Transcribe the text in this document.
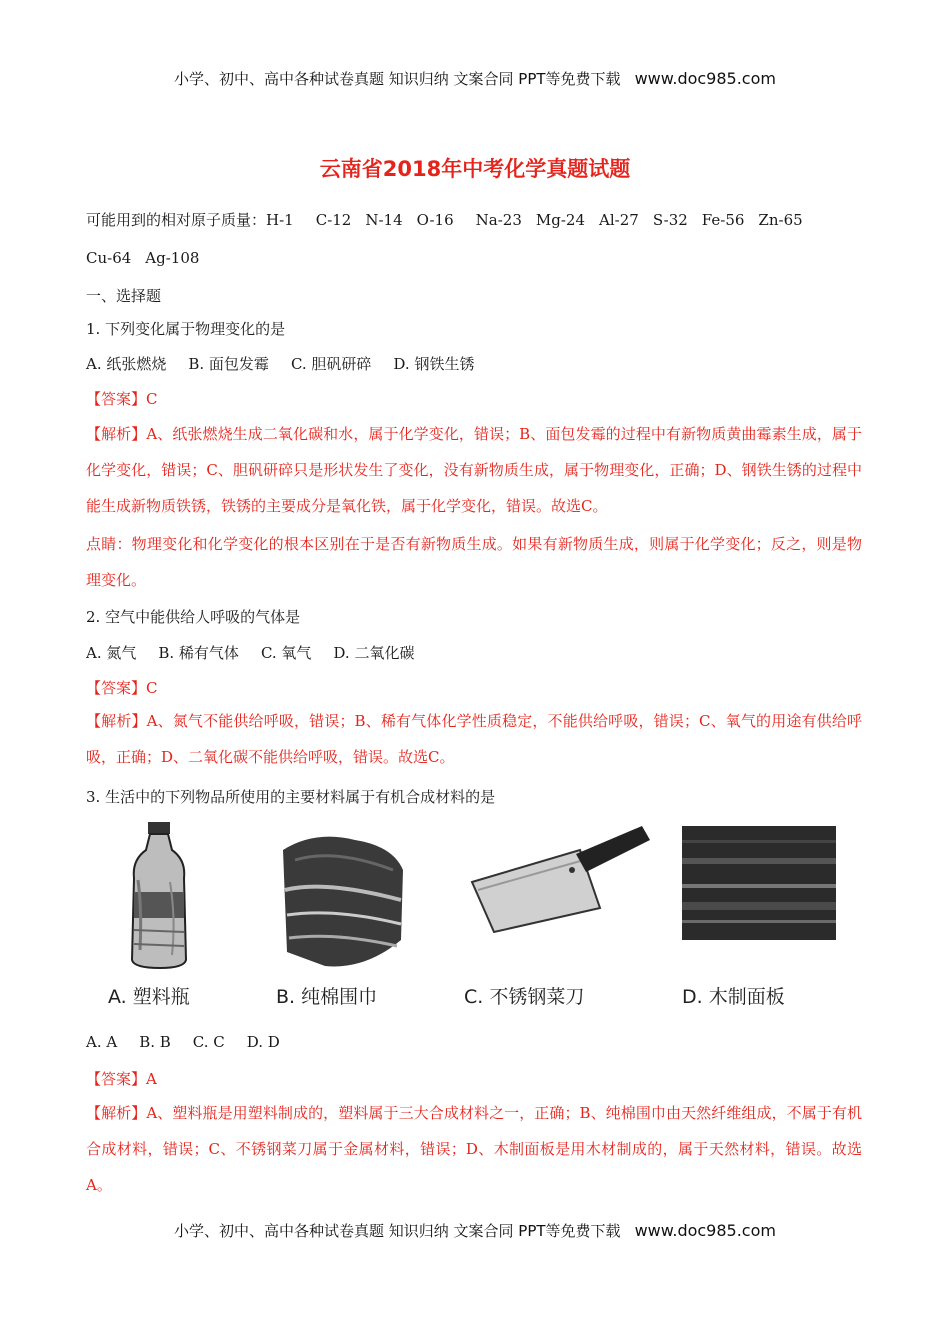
小学、初中、高中各种试卷真题 知识归纳 文案合同 PPT等免费下载 www.doc985.com
云南省2018年中考化学真题试题
可能用到的相对原子质量：H-1 C-12 N-14 O-16 Na-23 Mg-24 Al-27 S-32 Fe-56 Zn-65
Cu-64 Ag-108
一、选择题
1. 下列变化属于物理变化的是
A. 纸张燃烧 B. 面包发霉 C. 胆矾研碎 D. 钢铁生锈
【答案】C
【解析】A、纸张燃烧生成二氧化碳和水，属于化学变化，错误；B、面包发霉的过程中有新物质黄曲霉素生成，属于化学变化，错误；C、胆矾研碎只是形状发生了变化，没有新物质生成，属于物理变化，正确；D、钢铁生锈的过程中能生成新物质铁锈，铁锈的主要成分是氧化铁，属于化学变化，错误。故选C。
点睛：物理变化和化学变化的根本区别在于是否有新物质生成。如果有新物质生成，则属于化学变化；反之，则是物理变化。
2. 空气中能供给人呼吸的气体是
A. 氮气 B. 稀有气体 C. 氧气 D. 二氧化碳
【答案】C
【解析】A、氮气不能供给呼吸，错误；B、稀有气体化学性质稳定，不能供给呼吸，错误；C、氧气的用途有供给呼吸，正确；D、二氧化碳不能供给呼吸，错误。故选C。
3. 生活中的下列物品所使用的主要材料属于有机合成材料的是
A. 塑料瓶	B. 纯棉围巾	C. 不锈钢菜刀	D. 木制面板
A. A B. B C. C D. D
【答案】A
【解析】A、塑料瓶是用塑料制成的，塑料属于三大合成材料之一，正确；B、纯棉围巾由天然纤维组成，不属于有机合成材料，错误；C、不锈钢菜刀属于金属材料，错误；D、木制面板是用木材制成的，属于天然材料，错误。故选A。
小学、初中、高中各种试卷真题 知识归纳 文案合同 PPT等免费下载 www.doc985.com
